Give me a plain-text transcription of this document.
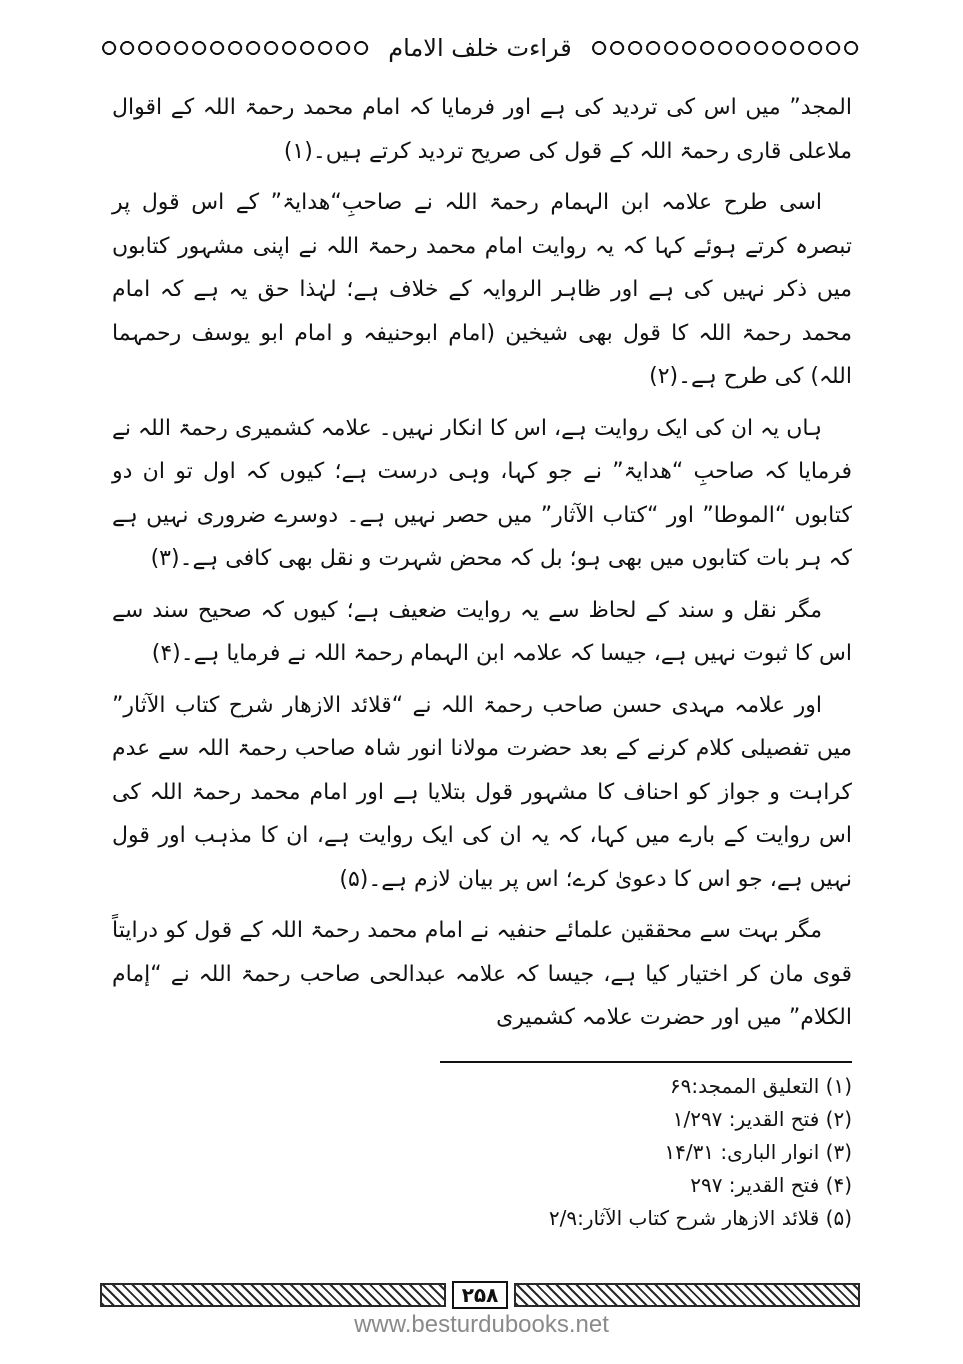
قراءت خلف الامام

المجد” میں اس کی تردید کی ہے اور فرمایا کہ امام محمد رحمۃ اللہ کے اقوال ملاعلی قاری رحمۃ اللہ کے قول کی صریح تردید کرتے ہیں۔(۱)

اسی طرح علامہ ابن الہمام رحمۃ اللہ نے صاحبِ“ھدایۃ” کے اس قول پر تبصرہ کرتے ہوئے کہا کہ یہ روایت امام محمد رحمۃ اللہ نے اپنی مشہور کتابوں میں ذکر نہیں کی ہے اور ظاہر الروایہ کے خلاف ہے؛ لہٰذا حق یہ ہے کہ امام محمد رحمۃ اللہ کا قول بھی شیخین (امام ابوحنیفہ و امام ابو یوسف رحمہما اللہ) کی طرح ہے۔(۲)

ہاں یہ ان کی ایک روایت ہے، اس کا انکار نہیں۔ علامہ کشمیری رحمۃ اللہ نے فرمایا کہ صاحبِ “ھدایۃ” نے جو کہا، وہی درست ہے؛ کیوں کہ اول تو ان دو کتابوں “الموطا” اور “کتاب الآثار” میں حصر نہیں ہے۔ دوسرے ضروری نہیں ہے کہ ہر بات کتابوں میں بھی ہو؛ بل کہ محض شہرت و نقل بھی کافی ہے۔(۳)

مگر نقل و سند کے لحاظ سے یہ روایت ضعیف ہے؛ کیوں کہ صحیح سند سے اس کا ثبوت نہیں ہے، جیسا کہ علامہ ابن الہمام رحمۃ اللہ نے فرمایا ہے۔(۴)

اور علامہ مہدی حسن صاحب رحمۃ اللہ نے “قلائد الازھار شرح کتاب الآثار” میں تفصیلی کلام کرنے کے بعد حضرت مولانا انور شاہ صاحب رحمۃ اللہ سے عدم کراہت و جواز کو احناف کا مشہور قول بتلایا ہے اور امام محمد رحمۃ اللہ کی اس روایت کے بارے میں کہا، کہ یہ ان کی ایک روایت ہے، ان کا مذہب اور قول نہیں ہے، جو اس کا دعویٰ کرے؛ اس پر بیان لازم ہے۔(۵)

مگر بہت سے محققین علمائے حنفیہ نے امام محمد رحمۃ اللہ کے قول کو درایتاً قوی مان کر اختیار کیا ہے، جیسا کہ علامہ عبدالحی صاحب رحمۃ اللہ نے “إمام الکلام” میں اور حضرت علامہ کشمیری

(۱) التعلیق الممجد:۶۹
(۲) فتح القدیر: ۱/۲۹۷
(۳) انوار الباری: ۱۴/۳۱
(۴) فتح القدیر: ۲۹۷
(۵) قلائد الازھار شرح کتاب الآثار:۲/۹
۲۵۸
www.besturdubooks.net
